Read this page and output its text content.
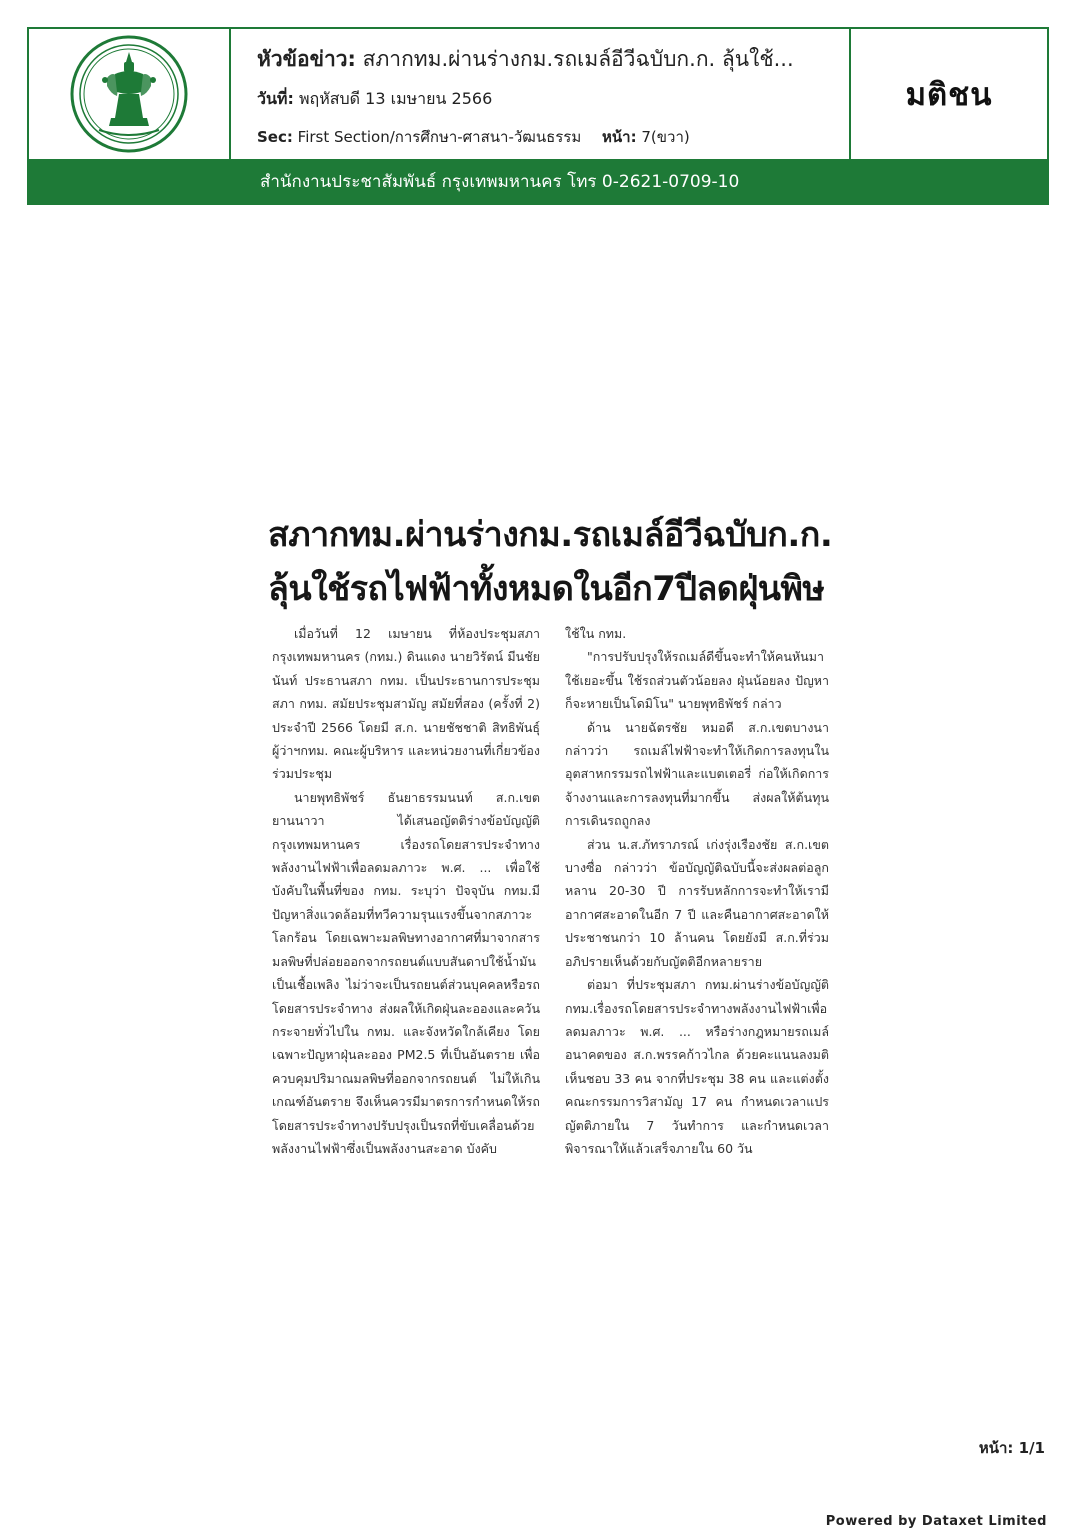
หัวข้อข่าว: สภากทม.ผ่านร่างกม.รถเมล์อีวีฉบับก.ก. ลุ้นใช้...
วันที่: พฤหัสบดี 13 เมษายน 2566
Sec: First Section/การศึกษา-ศาสนา-วัฒนธรรม หน้า: 7(ขวา)
มติชน
สำนักงานประชาสัมพันธ์ กรุงเทพมหานคร โทร 0-2621-0709-10
สภากทม.ผ่านร่างกม.รถเมล์อีวีฉบับก.ก.
ลุ้นใช้รถไฟฟ้าทั้งหมดในอีก7ปีลดฝุ่นพิษ

เมื่อวันที่ 12 เมษายน ที่ห้องประชุมสภากรุงเทพมหานคร (กทม.) ดินแดง นายวิรัตน์ มีนชัยนันท์ ประธานสภา กทม. เป็นประธานการประชุมสภา กทม. สมัยประชุมสามัญ สมัยที่สอง (ครั้งที่ 2) ประจำปี 2566 โดยมี ส.ก. นายชัชชาติ สิทธิพันธุ์ ผู้ว่าฯกทม. คณะผู้บริหาร และหน่วยงานที่เกี่ยวข้อง ร่วมประชุม

นายพุทธิพัชร์ ธันยาธรรมนนท์ ส.ก.เขตยานนาวา ได้เสนอญัตติร่างข้อบัญญัติกรุงเทพมหานคร เรื่องรถโดยสารประจำทางพลังงานไฟฟ้าเพื่อลดมลภาวะ พ.ศ. ... เพื่อใช้บังคับในพื้นที่ของ กทม. ระบุว่า ปัจจุบัน กทม.มีปัญหาสิ่งแวดล้อมที่ทวีความรุนแรงขึ้นจากสภาวะโลกร้อน โดยเฉพาะมลพิษทางอากาศที่มาจากสารมลพิษที่ปล่อยออกจากรถยนต์แบบสันดาปใช้น้ำมันเป็นเชื้อเพลิง ไม่ว่าจะเป็นรถยนต์ส่วนบุคคลหรือรถโดยสารประจำทาง ส่งผลให้เกิดฝุ่นละอองและควันกระจายทั่วไปใน กทม. และจังหวัดใกล้เคียง โดยเฉพาะปัญหาฝุ่นละออง PM2.5 ที่เป็นอันตราย เพื่อควบคุมปริมาณมลพิษที่ออกจากรถยนต์ ไม่ให้เกินเกณฑ์อันตราย จึงเห็นควรมีมาตรการกำหนดให้รถโดยสารประจำทางปรับปรุงเป็นรถที่ขับเคลื่อนด้วยพลังงานไฟฟ้าซึ่งเป็นพลังงานสะอาด บังคับ

ใช้ใน กทม.

"การปรับปรุงให้รถเมล์ดีขึ้นจะทำให้คนหันมาใช้เยอะขึ้น ใช้รถส่วนตัวน้อยลง ฝุ่นน้อยลง ปัญหาก็จะหายเป็นโดมิโน" นายพุทธิพัชร์ กล่าว

ด้าน นายฉัตรชัย หมอดี ส.ก.เขตบางนา กล่าวว่า รถเมล์ไฟฟ้าจะทำให้เกิดการลงทุนในอุตสาหกรรมรถไฟฟ้าและแบตเตอรี่ ก่อให้เกิดการจ้างงานและการลงทุนที่มากขึ้น ส่งผลให้ต้นทุนการเดินรถถูกลง

ส่วน น.ส.ภัทราภรณ์ เก่งรุ่งเรืองชัย ส.ก.เขตบางซื่อ กล่าวว่า ข้อบัญญัติฉบับนี้จะส่งผลต่อลูกหลาน 20-30 ปี การรับหลักการจะทำให้เรามีอากาศสะอาดในอีก 7 ปี และคืนอากาศสะอาดให้ประชาชนกว่า 10 ล้านคน โดยยังมี ส.ก.ที่ร่วมอภิปรายเห็นด้วยกับญัตติอีกหลายราย

ต่อมา ที่ประชุมสภา กทม.ผ่านร่างข้อบัญญัติ กทม.เรื่องรถโดยสารประจำทางพลังงานไฟฟ้าเพื่อลดมลภาวะ พ.ศ. ... หรือร่างกฎหมายรถเมล์อนาคตของ ส.ก.พรรคก้าวไกล ด้วยคะแนนลงมติเห็นชอบ 33 คน จากที่ประชุม 38 คน และแต่งตั้งคณะกรรมการวิสามัญ 17 คน กำหนดเวลาแปรญัตติภายใน 7 วันทำการ และกำหนดเวลาพิจารณาให้แล้วเสร็จภายใน 60 วัน

หน้า: 1/1
Powered by Dataxet Limited
